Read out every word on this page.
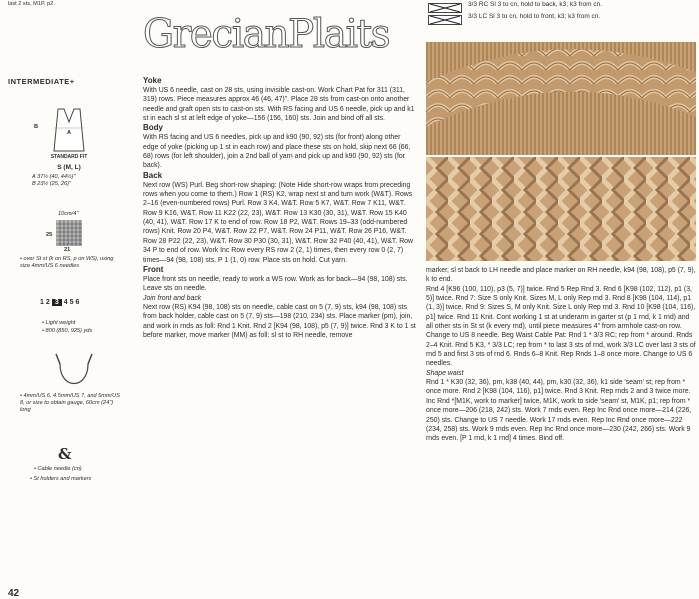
last 2 sts, M1P, p2.
INTERMEDIATE+
B
A
STANDARD FIT
S (M, L)
A 37½ (40, 44½)"
B 23½ (25, 26)"
10cm/4"
25
21
• over St st (k on RS, p on WS), using size 4mm/US 6 needles
1 2 3 4 5 6
• Light weight
• 800 (850, 925) yds
• 4mm/US 6, 4.5mm/US 7, and 5mm/US 8, or size to obtain gauge, 60cm (24") long
&
• Cable needle (cn)
• St holders and markers
42
GrecianPlaits
3/3 RC Sl 3 to cn, hold to back, k3; k3 from cn.
3/3 LC Sl 3 to cn, hold to front, k3; k3 from cn.

Yoke

With US 6 needle, cast on 28 sts, using invisible cast-on. Work Chart Pat for 311 (311, 319) rows. Piece measures approx 46 (46, 47)". Place 28 sts from cast-on onto another needle and graft open sts to cast-on sts. With RS facing and US 6 needle, pick up and k1 st in each sl st at left edge of yoke—156 (156, 160) sts. Join and bind off all sts.

Body

With RS facing and US 6 needles, pick up and k90 (90, 92) sts (for front) along other edge of yoke (picking up 1 st in each row) and place these sts on hold, skip next 66 (66, 68) rows (for left shoulder), join a 2nd ball of yarn and pick up and k90 (90, 92) sts (for back).

Back

Next row (WS) Purl. Beg short-row shaping: (Note Hide short-row wraps from preceding rows when you come to them.) Row 1 (RS) K2, wrap next st and turn work (W&T). Rows 2–16 (even-numbered rows) Purl. Row 3 K4, W&T. Row 5 K7, W&T. Row 7 K11, W&T. Row 9 K16, W&T. Row 11 K22 (22, 23), W&T. Row 13 K30 (30, 31), W&T. Row 15 K40 (40, 41), W&T. Row 17 K to end of row. Row 18 P2, W&T. Rows 19–33 (odd-numbered rows) Knit. Row 20 P4, W&T. Row 22 P7, W&T. Row 24 P11, W&T. Row 26 P16, W&T. Row 28 P22 (22, 23), W&T. Row 30 P30 (30, 31), W&T. Row 32 P40 (40, 41), W&T. Row 34 P to end of row. Work Inc Row every RS row 2 (2, 1) times, then every row 0 (2, 7) times—94 (98, 108) sts. P 1 (1, 0) row. Place sts on hold. Cut yarn.

Front

Place front sts on needle, ready to work a WS row. Work as for back—94 (98, 108) sts. Leave sts on needle.

Join front and back

Next row (RS) K94 (98, 108) sts on needle, cable cast on 5 (7, 9) sts, k94 (98, 108) sts from back holder, cable cast on 5 (7, 9) sts—198 (210, 234) sts. Place marker (pm), join, and work in rnds as foll: Rnd 1 Knit. Rnd 2 [K94 (98, 108), p5 (7, 9)] twice. Rnd 3 K to 1 st before marker, move marker (MM) as foll: sl st to RH needle, remove

marker, sl st back to LH needle and place marker on RH needle, k94 (98, 108), p5 (7, 9), k to end.

Rnd 4 [K96 (100, 110), p3 (5, 7)] twice. Rnd 5 Rep Rnd 3. Rnd 6 [K98 (102, 112), p1 (3, 5)] twice. Rnd 7: Size S only Knit. Sizes M, L only Rep rnd 3. Rnd 8 [K98 (104, 114), p1 (1, 3)] twice. Rnd 9: Sizes S, M only Knit. Size L only Rep rnd 3. Rnd 10 [K98 (104, 116), p1] twice. Rnd 11 Knit. Cont working 1 st at underarm in garter st (p 1 rnd, k 1 rnd) and all other sts in St st (k every rnd), until piece measures 4" from armhole cast-on row. Change to US 8 needle. Beg Waist Cable Pat: Rnd 1 * 3/3 RC; rep from * around. Rnds 2–4 Knit. Rnd 5 K3, * 3/3 LC; rep from * to last 3 sts of rnd, work 3/3 LC over last 3 sts of rnd 5 and first 3 sts of rnd 6. Rnds 6–8 Knit. Rep Rnds 1–8 once more. Change to US 6 needles.

Shape waist

Rnd 1 * K30 (32, 36), pm, k38 (40, 44), pm, k30 (32, 36), k1 side 'seam' st; rep from * once more. Rnd 2 [K98 (104, 116), p1] twice. Rnd 3 Knit. Rep rnds 2 and 3 twice more. Inc Rnd *[M1K, work to marker] twice, M1K, work to side 'seam' st, M1K, p1; rep from * once more—206 (218, 242) sts. Work 7 rnds even. Rep Inc Rnd once more—214 (226, 250) sts. Change to US 7 needle. Work 17 rnds even. Rep Inc Rnd once more—222 (234, 258) sts. Work 9 rnds even. Rep Inc Rnd once more—230 (242, 266) sts. Work 9 rnds even. [P 1 rnd, k 1 rnd] 4 times. Bind off.
